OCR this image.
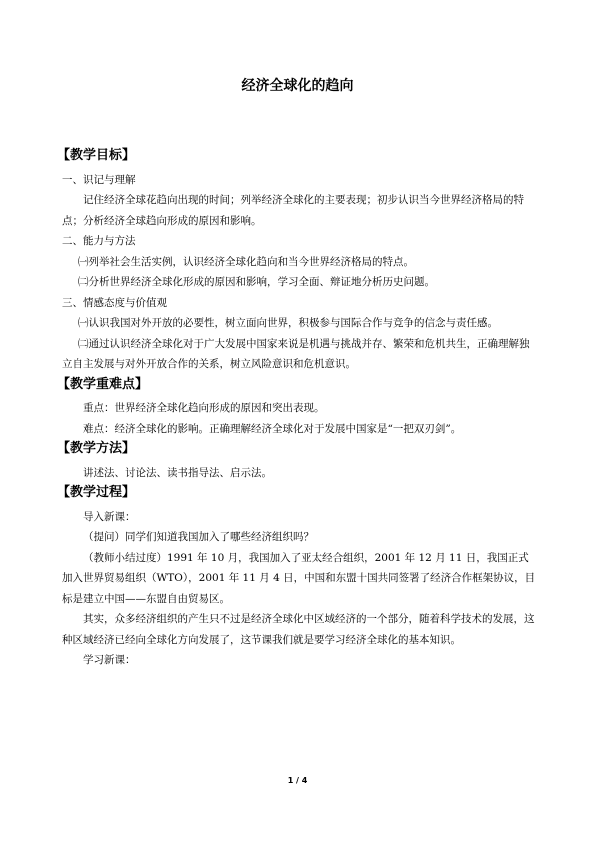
经济全球化的趋向
【教学目标】

一、识记与理解

记住经济全球花趋向出现的时间；列举经济全球化的主要表现；初步认识当今世界经济格局的特点；分析经济全球趋向形成的原因和影响。

二、能力与方法

㈠列举社会生活实例，认识经济全球化趋向和当今世界经济格局的特点。

㈡分析世界经济全球化形成的原因和影响，学习全面、辩证地分析历史问题。

三、情感态度与价值观

㈠认识我国对外开放的必要性，树立面向世界，积极参与国际合作与竞争的信念与责任感。

㈡通过认识经济全球化对于广大发展中国家来说是机遇与挑战并存、繁荣和危机共生，正确理解独立自主发展与对外开放合作的关系，树立风险意识和危机意识。

【教学重难点】

重点：世界经济全球化趋向形成的原因和突出表现。

难点：经济全球化的影响。正确理解经济全球化对于发展中国家是“一把双刃剑”。

【教学方法】

讲述法、讨论法、读书指导法、启示法。

【教学过程】

导入新课：

（提问）同学们知道我国加入了哪些经济组织吗？

（教师小结过度）1991 年 10 月，我国加入了亚太经合组织，2001 年 12 月 11 日，我国正式加入世界贸易组织（WTO），2001 年 11 月 4 日，中国和东盟十国共同签署了经济合作框架协议，目标是建立中国——东盟自由贸易区。

其实，众多经济组织的产生只不过是经济全球化中区域经济的一个部分，随着科学技术的发展，这种区域经济已经向全球化方向发展了，这节课我们就是要学习经济全球化的基本知识。

学习新课：

1 / 4
